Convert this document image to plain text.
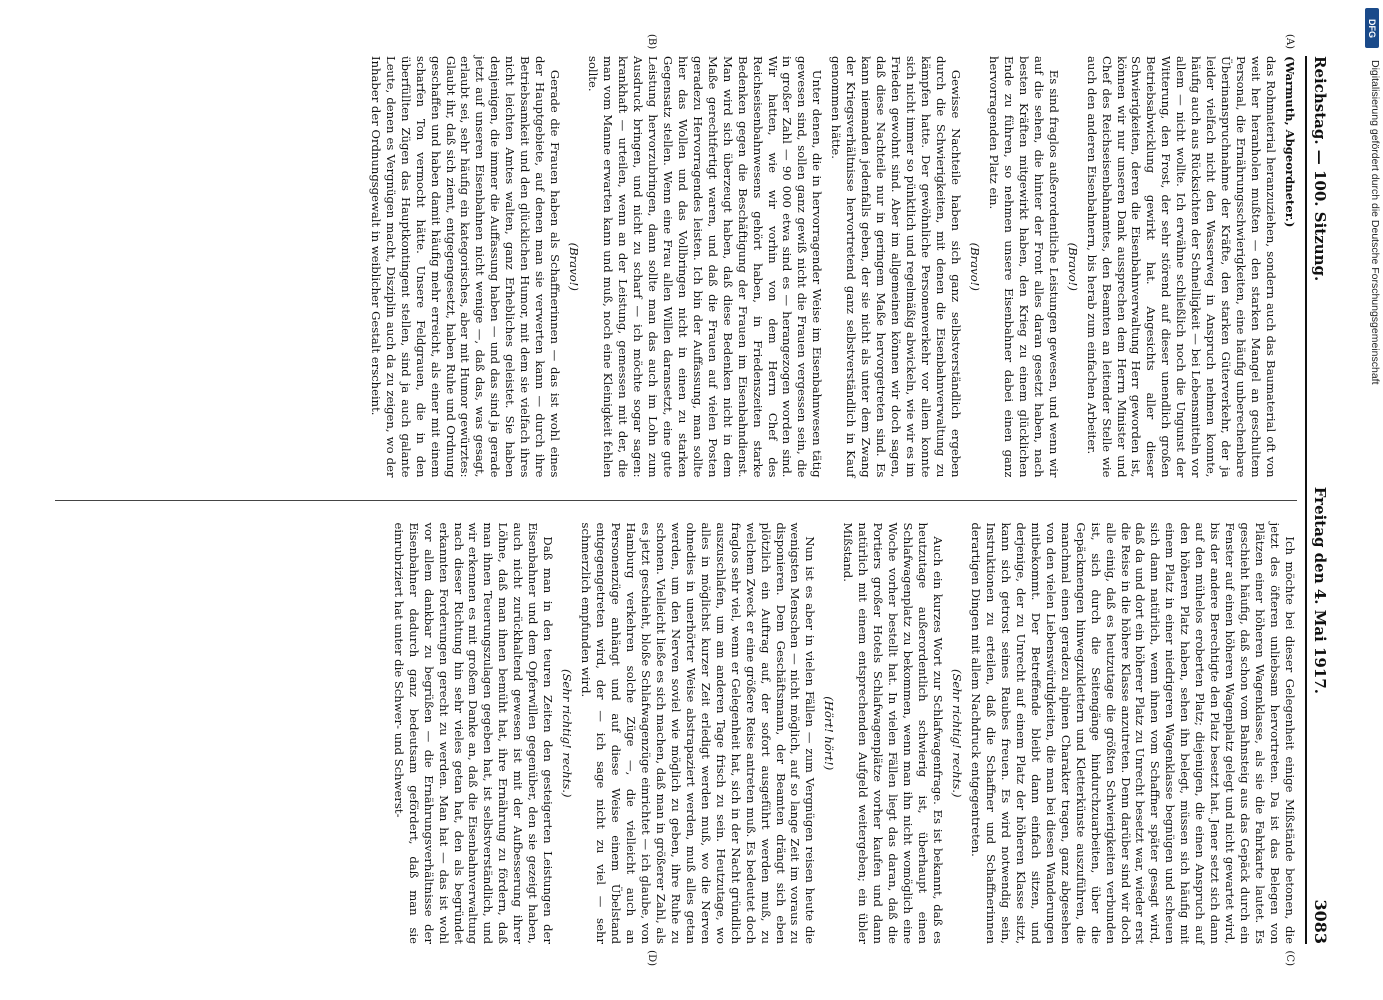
Reichstag. — 100. Sitzung.
Freitag den 4. Mai 1917.
3083
(A)
(B)

(Warmuth, Abgeordneter.)

das Rohmaterial heranzuziehen, sondern auch das Baumaterial oft von weit her heranholen mußten — den starken Mangel an geschultem Personal, die Ernährungsschwierigkeiten, eine häufig unberechenbare Überinanspruchnahme der Kräfte, den starken Güterverkehr, der ja leider vielfach nicht den Wasserweg in Anspruch nehmen konnte, häufig auch aus Rücksichten der Schnelligkeit — bei Lebensmitteln vor allem — nicht wollte. Ich erwähne schließlich noch die Ungunst der Witterung, den Frost, der sehr störend auf dieser unendlich großen Betriebsabwicklung gewirkt hat. Angesichts aller dieser Schwierigkeiten, deren die Eisenbahnverwaltung Herr geworden ist, können wir nur unseren Dank aussprechen dem Herrn Minister und Chef des Reichseisenbahnamtes, den Beamten an leitender Stelle wie auch den anderen Eisenbahnern, bis herab zum einfachen Arbeiter.

(Bravo!)

Es sind fraglos außerordentliche Leistungen gewesen, und wenn wir auf die sehen, die hinter der Front alles daran gesetzt haben, nach besten Kräften mitgewirkt haben, den Krieg zu einem glücklichen Ende zu führen, so nehmen unsere Eisenbahner dabei einen ganz hervorragenden Platz ein.

(Bravo!)

Gewisse Nachteile haben sich ganz selbstverständlich ergeben durch die Schwierigkeiten, mit denen die Eisenbahnverwaltung zu kämpfen hatte. Der gewöhnliche Personenverkehr vor allem konnte sich nicht immer so pünktlich und regelmäßig abwickeln, wie wir es im Frieden gewohnt sind. Aber im allgemeinen können wir doch sagen, daß diese Nachteile nur in geringem Maße hervorgetreten sind. Es kann niemanden jedenfalls geben, der sie nicht als unter dem Zwang der Kriegsverhältnisse hervortretend ganz selbstverständlich in Kauf genommen hätte.

Unter denen, die in hervorragender Weise im Eisenbahnwesen tätig gewesen sind, sollen ganz gewiß nicht die Frauen vergessen sein, die in großer Zahl — 90 000 etwa sind es — herangezogen worden sind. Wir hatten, wie wir vorhin von dem Herrn Chef des Reichseisenbahnwesens gehört haben, in Friedenszeiten starke Bedenken gegen die Beschäftigung der Frauen im Eisenbahndienst. Man wird sich überzeugt haben, daß diese Bedenken nicht in dem Maße gerechtfertigt waren, und daß die Frauen auf vielen Posten geradezu Hervorragendes leisten. Ich bin der Auffassung, man sollte hier das Wollen und das Vollbringen nicht in einen zu starken Gegensatz stellen. Wenn eine Frau allen Willen daransetzt, eine gute Leistung hervorzubringen, dann sollte man das auch im Lohn zum Ausdruck bringen, und nicht zu scharf — ich möchte sogar sagen: krankhaft — urteilen, wenn an der Leistung, gemessen mit der, die man vom Manne erwarten kann und muß, noch eine Kleinigkeit fehlen sollte.

(Bravo!)

Gerade die Frauen haben als Schaffnerinnen — das ist wohl eines der Hauptgebiete, auf denen man sie verwerten kann — durch ihre Betriebsamkeit und den glücklichen Humor, mit dem sie vielfach ihres nicht leichten Amtes walten, ganz Erhebliches geleistet. Sie haben denjenigen, die immer die Auffassung haben — und das sind ja gerade jetzt auf unseren Eisenbahnen nicht wenige —, daß das, was gesagt, erlaubt sei, sehr häufig ein kategorisches, aber mit Humor gewürztes: Glaubt ihr, daß sich ziemt, entgegengesetzt, haben Ruhe und Ordnung geschaffen und haben damit häufig mehr erreicht, als einer mit einem scharfen Ton vermocht hätte. Unsere Feldgrauen, die in den überfüllten Zügen das Hauptkontingent stellen, sind ja auch galante Leute, denen es Vergnügen macht, Disziplin auch da zu zeigen, wo der Inhaber der Ordnungsgewalt in weiblicher Gestalt erscheint.

(C)
(D)

Ich möchte bei dieser Gelegenheit einige Mißstände betonen, die jetzt des öfteren unliebsam hervortreten. Da ist das Belegen von Plätzen einer höheren Wagenklasse, als sie die Fahrkarte lautet. Es geschieht häufig, daß schon vom Bahnsteig aus das Gepäck durch ein Fenster auf einen höheren Wagenplatz gelegt und nicht gewartet wird, bis der andere Berechtigte den Platz besetzt hat. Jener setzt sich dann auf den mühelos eroberten Platz; diejenigen, die einen Anspruch auf den höheren Platz haben, sehen ihn belegt, müssen sich häufig mit einem Platz in einer niedrigeren Wagenklasse begnügen und scheuen sich dann natürlich, wenn ihnen vom Schaffner später gesagt wird, daß da und dort ein höherer Platz zu Unrecht besetzt war, wieder erst die Reise in die höhere Klasse anzutreten. Denn darüber sind wir doch alle einig, daß es heutzutage die größten Schwierigkeiten verbunden ist, sich durch die Seitengänge hindurchzuarbeiten, über die Gepäckmengen hinwegzuklettern und Kletterkünste auszuführen, die manchmal einen geradezu alpinen Charakter tragen, ganz abgesehen von den vielen Liebenswürdigkeiten, die man bei diesen Wanderungen mitbekommt. Der Betreffende bleibt dann einfach sitzen, und derjenige, der zu Unrecht auf einem Platz der höheren Klasse sitzt, kann sich getrost seines Raubes freuen. Es wird notwendig sein, Instruktionen zu erteilen, daß die Schaffner und Schaffnerinnen derartigen Dingen mit allem Nachdruck entgegentreten.

(Sehr richtig! rechts.)

Auch ein kurzes Wort zur Schlafwagenfrage. Es ist bekannt, daß es heutzutage außerordentlich schwierig ist, überhaupt einen Schlafwagenplatz zu bekommen, wenn man ihn nicht womöglich eine Woche vorher bestellt hat. In vielen Fällen liegt das daran, daß die Portiers großer Hotels Schlafwagenplätze vorher kaufen und dann natürlich mit einem entsprechenden Aufgeld weitergeben; ein übler Mißstand.

(Hört! hört!)

Nun ist es aber in vielen Fällen — zum Vergnügen reisen heute die wenigsten Menschen — nicht möglich, auf so lange Zeit im voraus zu disponieren. Dem Geschäftsmann, der Beamten drängt sich eben plötzlich ein Auftrag auf, der sofort ausgeführt werden muß, zu welchem Zweck er eine größere Reise antreten muß. Es bedeutet doch fraglos sehr viel, wenn er Gelegenheit hat, sich in der Nacht gründlich auszuschlafen, um am anderen Tage frisch zu sein. Heutzutage, wo alles in möglichst kurzer Zeit erledigt werden muß, wo die Nerven ohnedies in unerhörter Weise abstrapaziert werden, muß alles getan werden, um den Nerven soviel wie möglich zu geben, ihre Ruhe zu schonen. Vielleicht ließe es sich machen, daß man in größerer Zahl, als es jetzt geschieht, bloße Schlafwagenzüge einrichtet — ich glaube, von Hamburg verkehren solche Züge —, die vielleicht auch an Personenzüge anhängt und auf diese Weise einem Übelstand entgegengetreten wird, der — ich sage nicht zu viel — sehr schmerzlich empfunden wird.

(Sehr richtig! rechts.)

Daß man in den teuren Zeiten den gesteigerten Leistungen der Eisenbahner und dem Opferwillen gegenüber, den sie gezeigt haben, auch nicht zurückhaltend gewesen ist mit der Aufbesserung ihrer Löhne, daß man ihnen bemüht hat, ihre Ernährung zu fördern, daß man ihnen Teuerungszulagen gegeben hat, ist selbstverständlich, und wir erkennen es mit großem Danke an, daß die Eisenbahnverwaltung nach dieser Richtung hin sehr vieles getan hat, den als begründet erkannten Forderungen gerecht zu werden. Man hat — das ist wohl vor allem dankbar zu begrüßen — die Ernährungsverhältnisse der Eisenbahner dadurch ganz bedeutsam gefördert, daß man sie einrubriziert hat unter die Schwer- und Schwerst-

DFG
Digitalisierung gefördert durch die Deutsche Forschungsgemeinschaft
